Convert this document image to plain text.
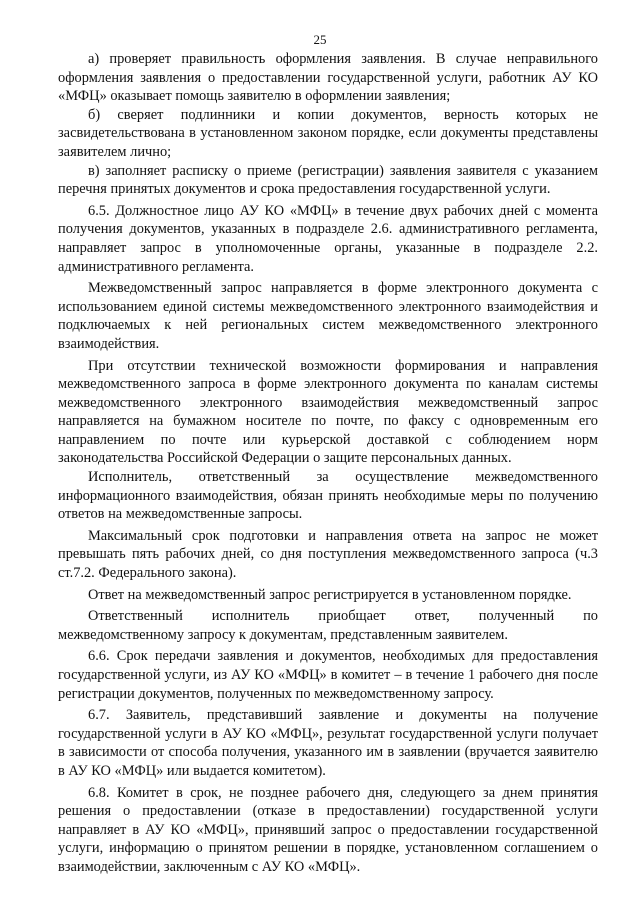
25

а) проверяет правильность оформления заявления. В случае неправильного оформления заявления о предоставлении государственной услуги, работник АУ КО «МФЦ» оказывает помощь заявителю в оформлении заявления;

б) сверяет подлинники и копии документов, верность которых не засвидетельствована в установленном законом порядке, если документы представлены заявителем лично;

в) заполняет расписку о приеме (регистрации) заявления заявителя с указанием перечня принятых документов и срока предоставления государственной услуги.

6.5. Должностное лицо АУ КО «МФЦ» в течение двух рабочих дней с момента получения документов, указанных в подразделе 2.6. административного регламента, направляет запрос в уполномоченные органы, указанные в подразделе 2.2. административного регламента.

Межведомственный запрос направляется в форме электронного документа с использованием единой системы межведомственного электронного взаимодействия и подключаемых к ней региональных систем межведомственного электронного взаимодействия.

При отсутствии технической возможности формирования и направления межведомственного запроса в форме электронного документа по каналам системы межведомственного электронного взаимодействия межведомственный запрос направляется на бумажном носителе по почте, по факсу с одновременным его направлением по почте или курьерской доставкой с соблюдением норм законодательства Российской Федерации о защите персональных данных.

Исполнитель, ответственный за осуществление межведомственного информационного взаимодействия, обязан принять необходимые меры по получению ответов на межведомственные запросы.

Максимальный срок подготовки и направления ответа на запрос не может превышать пять рабочих дней, со дня поступления межведомственного запроса (ч.3 ст.7.2. Федерального закона).

Ответ на межведомственный запрос регистрируется в установленном порядке.

Ответственный исполнитель приобщает ответ, полученный по межведомственному запросу к документам, представленным заявителем.

6.6. Срок передачи заявления и документов, необходимых для предоставления государственной услуги, из АУ КО «МФЦ» в комитет – в течение 1 рабочего дня после регистрации документов, полученных по межведомственному запросу.

6.7. Заявитель, представивший заявление и документы на получение государственной услуги в АУ КО «МФЦ», результат государственной услуги получает в зависимости от способа получения, указанного им в заявлении (вручается заявителю в АУ КО «МФЦ» или выдается комитетом).

6.8. Комитет в срок, не позднее рабочего дня, следующего за днем принятия решения о предоставлении (отказе в предоставлении) государственной услуги направляет в АУ КО «МФЦ», принявший запрос о предоставлении государственной услуги, информацию о принятом решении в порядке, установленном соглашением о взаимодействии, заключенным с АУ КО «МФЦ».
